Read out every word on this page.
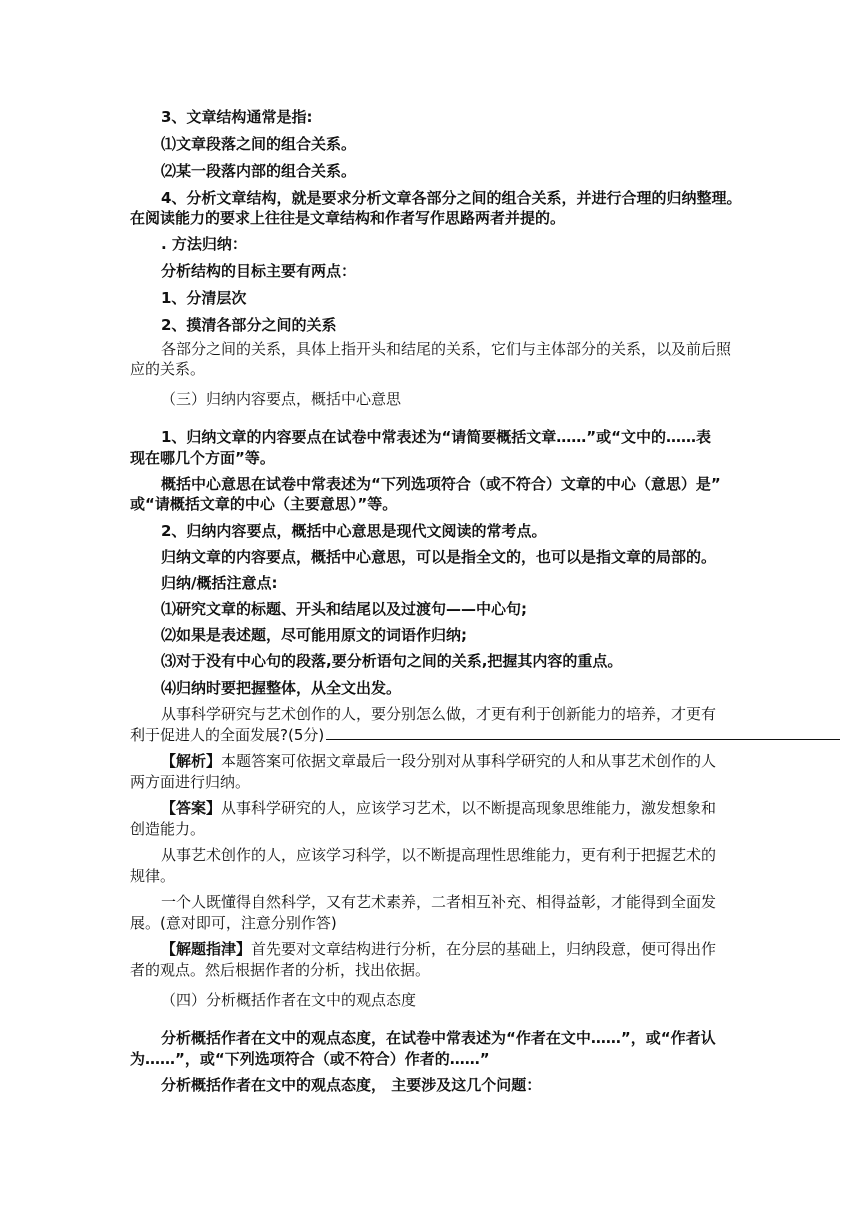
3、文章结构通常是指:
⑴文章段落之间的组合关系。
⑵某一段落内部的组合关系。
4、分析文章结构，就是要求分析文章各部分之间的组合关系，并进行合理的归纳整理。
在阅读能力的要求上往往是文章结构和作者写作思路两者并提的。
. 方法归纳：
分析结构的目标主要有两点：
1、分清层次
2、摸清各部分之间的关系
各部分之间的关系，具体上指开头和结尾的关系，它们与主体部分的关系，以及前后照
应的关系。
（三）归纳内容要点，概括中心意思
1、归纳文章的内容要点在试卷中常表述为“请简要概括文章……”或“文中的……表
现在哪几个方面”等。
概括中心意思在试卷中常表述为“下列选项符合（或不符合）文章的中心（意思）是”
或“请概括文章的中心（主要意思）”等。
2、归纳内容要点，概括中心意思是现代文阅读的常考点。
归纳文章的内容要点，概括中心意思，可以是指全文的，也可以是指文章的局部的。
归纳/概括注意点:
⑴研究文章的标题、开头和结尾以及过渡句——中心句;
⑵如果是表述题，尽可能用原文的词语作归纳;
⑶对于没有中心句的段落,要分析语句之间的关系,把握其内容的重点。
⑷归纳时要把握整体，从全文出发。
从事科学研究与艺术创作的人，要分别怎么做，才更有利于创新能力的培养，才更有
利于促进人的全面发展?(5分)
【解析】本题答案可依据文章最后一段分别对从事科学研究的人和从事艺术创作的人
两方面进行归纳。
【答案】从事科学研究的人，应该学习艺术，以不断提高现象思维能力，激发想象和
创造能力。
从事艺术创作的人，应该学习科学，以不断提高理性思维能力，更有利于把握艺术的
规律。
一个人既懂得自然科学，又有艺术素养，二者相互补充、相得益彰，才能得到全面发
展。(意对即可，注意分别作答)
【解题指津】首先要对文章结构进行分析，在分层的基础上，归纳段意，便可得出作
者的观点。然后根据作者的分析，找出依据。
（四）分析概括作者在文中的观点态度
分析概括作者在文中的观点态度，在试卷中常表述为“作者在文中……”，或“作者认
为……”，或“下列选项符合（或不符合）作者的……”
分析概括作者在文中的观点态度， 主要涉及这几个问题：
